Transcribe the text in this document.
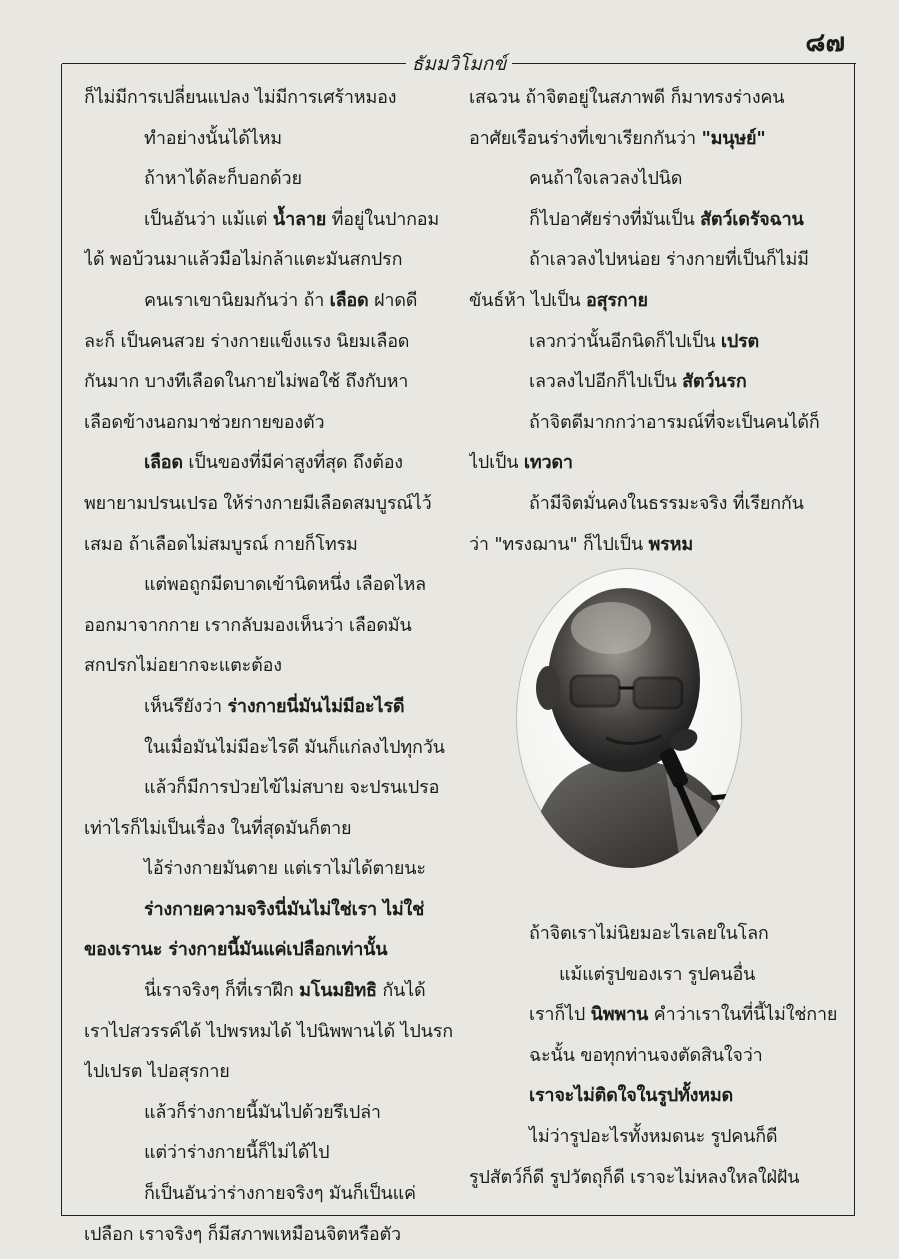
๘๗
ธัมมวิโมกข์
ก็ไม่มีการเปลี่ยนแปลง ไม่มีการเศร้าหมอง
ทำอย่างนั้นได้ไหม
ถ้าหาได้ละก็บอกด้วย
เป็นอันว่า แม้แต่ น้ำลาย ที่อยู่ในปากอม
ได้ พอบ้วนมาแล้วมือไม่กล้าแตะมันสกปรก
คนเราเขานิยมกันว่า ถ้า เลือด ฝาดดี
ละก็ เป็นคนสวย ร่างกายแข็งแรง นิยมเลือด
กันมาก บางทีเลือดในกายไม่พอใช้ ถึงกับหา
เลือดข้างนอกมาช่วยกายของตัว
เลือด เป็นของที่มีค่าสูงที่สุด ถึงต้อง
พยายามปรนเปรอ ให้ร่างกายมีเลือดสมบูรณ์ไว้
เสมอ ถ้าเลือดไม่สมบูรณ์ กายก็โทรม
แต่พอถูกมีดบาดเข้านิดหนึ่ง เลือดไหล
ออกมาจากกาย เรากลับมองเห็นว่า เลือดมัน
สกปรกไม่อยากจะแตะต้อง
เห็นรึยังว่า ร่างกายนี่มันไม่มีอะไรดี
ในเมื่อมันไม่มีอะไรดี มันก็แก่ลงไปทุกวัน
แล้วก็มีการป่วยไข้ไม่สบาย จะปรนเปรอ
เท่าไรก็ไม่เป็นเรื่อง ในที่สุดมันก็ตาย
ไอ้ร่างกายมันตาย แต่เราไม่ได้ตายนะ
ร่างกายความจริงนี่มันไม่ใช่เรา ไม่ใช่
ของเรานะ ร่างกายนี้มันแค่เปลือกเท่านั้น
นี่เราจริงๆ ก็ที่เราฝึก มโนมยิทธิ กันได้
เราไปสวรรค์ได้ ไปพรหมได้ ไปนิพพานได้ ไปนรก
ไปเปรต ไปอสุรกาย
แล้วก็ร่างกายนี้มันไปด้วยรึเปล่า
แต่ว่าร่างกายนี้ก็ไม่ได้ไป
ก็เป็นอันว่าร่างกายจริงๆ มันก็เป็นแค่
เปลือก เราจริงๆ ก็มีสภาพเหมือนจิตหรือตัว
เสฉวน ถ้าจิตอยู่ในสภาพดี ก็มาทรงร่างคน
อาศัยเรือนร่างที่เขาเรียกกันว่า "มนุษย์"
คนถ้าใจเลวลงไปนิด
ก็ไปอาศัยร่างที่มันเป็น สัตว์เดรัจฉาน
ถ้าเลวลงไปหน่อย ร่างกายที่เป็นก็ไม่มี
ขันธ์ห้า ไปเป็น อสุรกาย
เลวกว่านั้นอีกนิดก็ไปเป็น เปรต
เลวลงไปอีกก็ไปเป็น สัตว์นรก
ถ้าจิตดีมากกว่าอารมณ์ที่จะเป็นคนได้ก็
ไปเป็น เทวดา
ถ้ามีจิตมั่นคงในธรรมะจริง ที่เรียกกัน
ว่า "ทรงฌาน" ก็ไปเป็น พรหม
ถ้าจิตเราไม่นิยมอะไรเลยในโลก
แม้แต่รูปของเรา รูปคนอื่น
เราก็ไป นิพพาน คำว่าเราในที่นี้ไม่ใช่กาย
ฉะนั้น ขอทุกท่านจงตัดสินใจว่า
เราจะไม่ติดใจในรูปทั้งหมด
ไม่ว่ารูปอะไรทั้งหมดนะ รูปคนก็ดี
รูปสัตว์ก็ดี รูปวัตถุก็ดี เราจะไม่หลงใหลใฝ่ฝัน
